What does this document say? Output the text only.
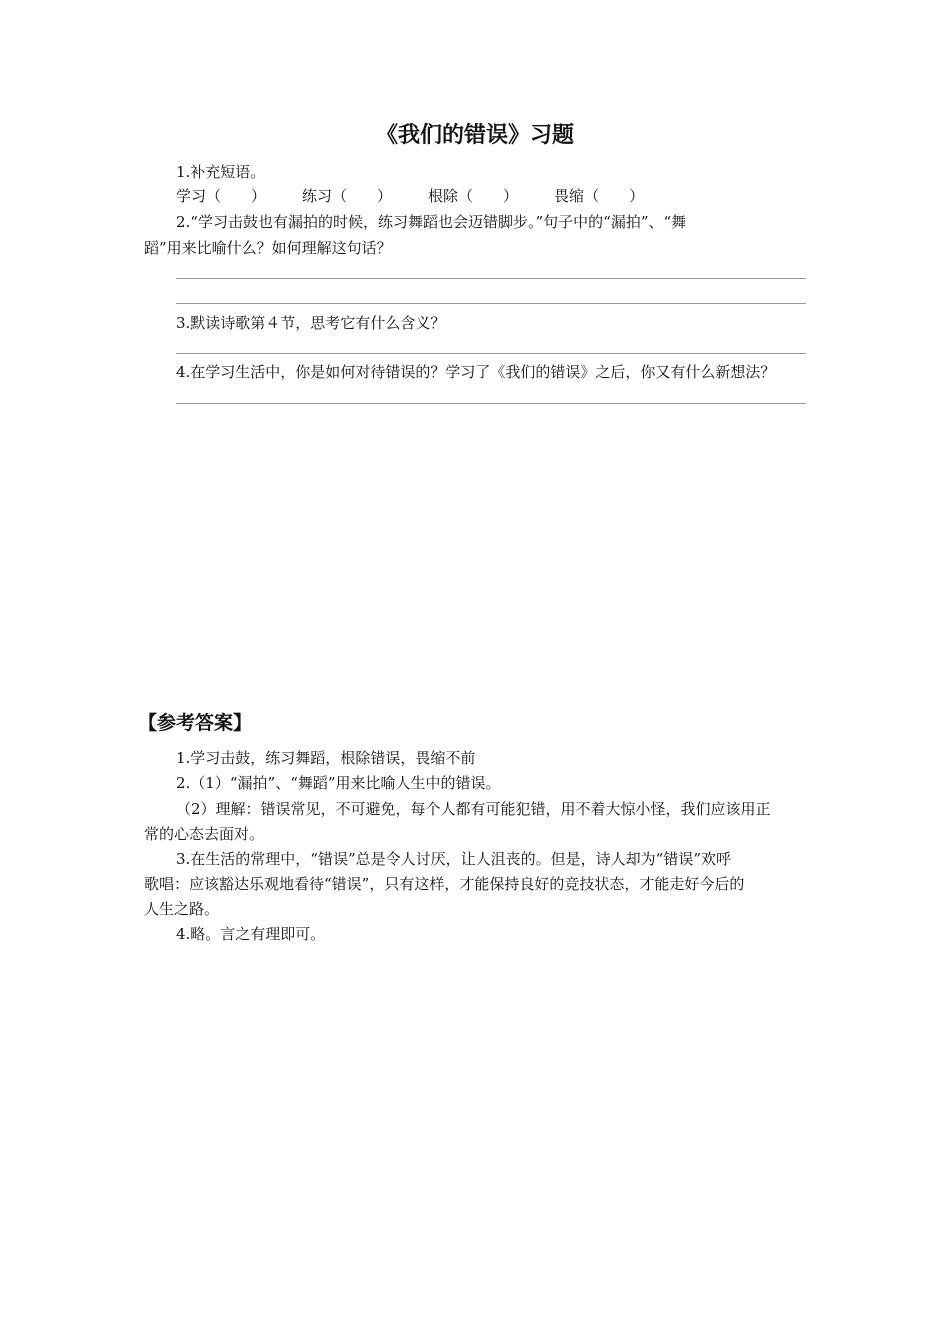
《我们的错误》习题
1.补充短语。
学习（　　）	练习（　　）	根除（　　）	畏缩（　　）
2.“学习击鼓也有漏拍的时候，练习舞蹈也会迈错脚步。”句子中的“漏拍”、“舞
蹈”用来比喻什么？如何理解这句话？
3.默读诗歌第４节，思考它有什么含义？
4.在学习生活中，你是如何对待错误的？学习了《我们的错误》之后，你又有什么新想法？
【参考答案】
1.学习击鼓，练习舞蹈，根除错误，畏缩不前
2.（1）“漏拍”、“舞蹈”用来比喻人生中的错误。
（2）理解：错误常见，不可避免，每个人都有可能犯错，用不着大惊小怪，我们应该用正
常的心态去面对。
3.在生活的常理中，“错误”总是令人讨厌，让人沮丧的。但是，诗人却为“错误”欢呼
歌唱：应该豁达乐观地看待“错误”，只有这样，才能保持良好的竞技状态，才能走好今后的
人生之路。
4.略。言之有理即可。
